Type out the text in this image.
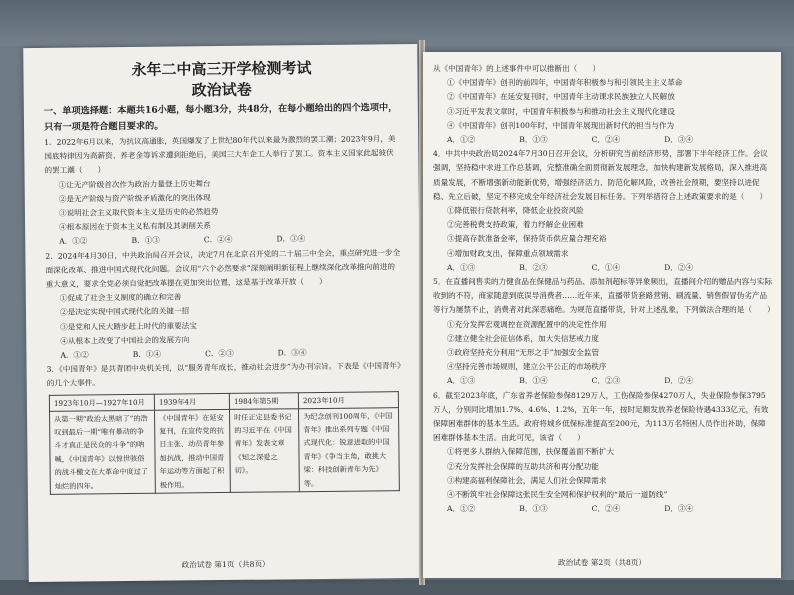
永年二中高三开学检测考试
政治试卷
一、单项选择题：本题共16小题，每小题3分，共48分，在每小题给出的四个选项中，只有一项是符合题目要求的。

1．2022年6月以来，为抗议高通胀，英国爆发了上世纪80年代以来最为激烈的罢工潮；2023年9月，美国底特律因为高薪资、养老金等诉求遭到拒绝后，美国三大车企工人举行了罢工。资本主义国家此起彼伏的罢工潮（　　）

①让无产阶级首次作为政治力量登上历史舞台
②是无产阶级与资产阶级矛盾激化的突出体现
③说明社会主义取代资本主义是历史的必然趋势
④根本原因在于资本主义私有制及其剥削关系
A．①②	B．①③	C．②④	D．③④

2．2024年4月30日，中共政治局召开会议，决定7月在北京召开党的二十届三中全会，重点研究进一步全面深化改革、推进中国式现代化问题。会议用“六个必然要求”深刻阐明新征程上继续深化改革推向前进的重大意义，要求全党必须自觉把改革摆在更加突出位置，这是基于改革开放（　　）

①促成了社会主义制度的确立和完善
②是决定实现中国式现代化的关键一招
③是党和人民大踏步赶上时代的重要法宝
④从根本上改变了中国社会的发展方向
A．①②	B．①④	C．②③	D．③④

3．《中国青年》是共青团中央机关刊，以“服务青年成长，推动社会进步”为办刊宗旨。下表是《中国青年》的几个大事件。

1923年10月—1927年10月	1939年4月	1984年第5期	2023年10月
从第一期“政治太黑暗了”的浩叹到最后一期“唯有暴动的争斗才真正是民众的斗争”的呐喊，《中国青年》以惊世骇俗的战斗檄文在大革命中度过了灿烂的四年。	《中国青年》在延安复刊，在宣传党的抗日主张、动员青年参加抗战，推动中国青年运动等方面起了积极作用。	时任正定县委书记的习近平在《中国青年》发表文章《知之深爱之切》。	为纪念创刊100周年，《中国青年》推出系列专题《中国式现代化：锐意进取的中国青年》《争当主角，敢挑大梁：科技创新青年为先》等。
政治试卷 第1页（共8页）

从《中国青年》的上述事件中可以推断出（　　）

①《中国青年》创刊的前四年，中国青年积极参与和引领民主主义革命
②《中国青年》在延安复刊时，中国青年主动课求民族独立人民解放
③习近平发表文章时，中国青年积极参与和推动社会主义现代化建设
④《中国青年》创刊100年时，中国青年展现出新时代的担当与作为
A．①②	B．①③	C．②④	D．③④

4．中共中央政治局2024年7月30日召开会议，分析研究当前经济形势，部署下半年经济工作。会议强调，坚持稳中求进工作总基调，完整准确全面贯彻新发展理念，加快构建新发展格局，深入推进高质量发展，不断增强新动能新优势，增强经济活力、防范化解风险，改善社会预期，要坚持以进促稳、先立后破，坚定不移完成全年经济社会发展目标任务。下列举措符合上述政策要求的是（　　）

①降低银行贷款利率，降低企业投资风险
②完善税费支持政策，着力纾解企业困难
③提高存款准备金率，保持货币供应量合理充裕
④增加财政支出，保障重点领域需求
A．①③	B．②③	C．①④	D．②④

5．在直播间售卖的力健食品在保健品与药品、添加剂超标等异象频出，直播间介绍的赠品内容与实际收到的不符，商家随意到底误导消费者……近年来，直播带货套路营销、刷流量、销售假冒伪劣产品等行为屡禁不止，消费者对此深恶痛绝。为规范直播带货，针对上述乱象，下列做法合理的是（　　）

①充分发挥宏观调控在资源配置中的决定性作用
②建立健全社会征信体系，加大失信惩戒力度
③政府坚持充分利用“无形之手”加强安全监管
④坚持完善市场规则，建立公平公正的市场秩序
A．①③	B．①④	C．②③	D．②④

6．截至2023年底，广东省养老保险参保8129万人，工伤保险参保4270万人，失业保险参保3795万人，分别同比增加1.7%、4.6%、1.2%，五年一年，按时足额发放养老保险待遇4333亿元，有效保障困难群体的基本生活。政府将城乡低保标准提高至200元，为113万名特困人员作出补助，保障困难群体基本生活。由此可见，该省（　　）

①将更多人群纳入保障范围，扶保覆盖面不断扩大
②充分发挥社会保障的互助共济和再分配功能
③构建高福利保障社会，满足人们社会保障需求
④不断筑牢社会保障这张民生安全网和保护权利的“最后一道防线”
A．①②	B．①③	C．②④	D．③④
政治试卷 第2页（共8页）
